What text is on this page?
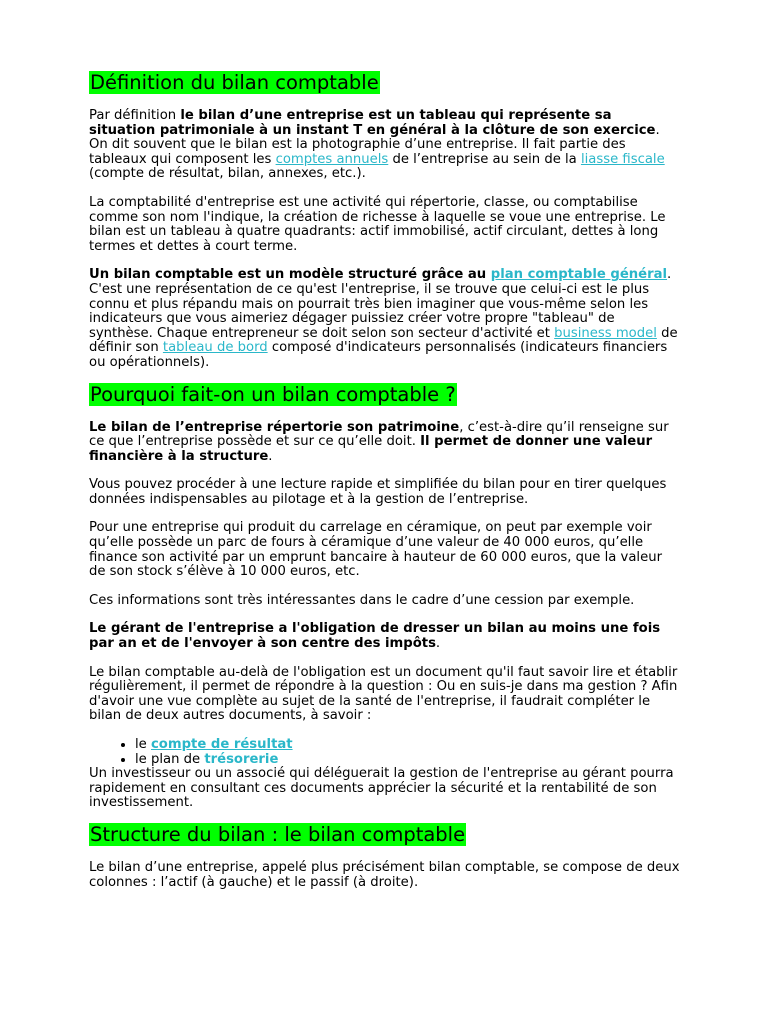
Définition du bilan comptable

Par définition le bilan d’une entreprise est un tableau qui représente sa situation patrimoniale à un instant T en général à la clôture de son exercice. On dit souvent que le bilan est la photographie d’une entreprise. Il fait partie des tableaux qui composent les comptes annuels de l’entreprise au sein de la liasse fiscale (compte de résultat, bilan, annexes, etc.).

La comptabilité d'entreprise est une activité qui répertorie, classe, ou comptabilise comme son nom l'indique, la création de richesse à laquelle se voue une entreprise. Le bilan est un tableau à quatre quadrants: actif immobilisé, actif circulant, dettes à long termes et dettes à court terme.

Un bilan comptable est un modèle structuré grâce au plan comptable général. C'est une représentation de ce qu'est l'entreprise, il se trouve que celui-ci est le plus connu et plus répandu mais on pourrait très bien imaginer que vous-même selon les indicateurs que vous aimeriez dégager puissiez créer votre propre "tableau" de synthèse. Chaque entrepreneur se doit selon son secteur d'activité et business model de définir son tableau de bord composé d'indicateurs personnalisés (indicateurs financiers ou opérationnels).

Pourquoi fait-on un bilan comptable ?

Le bilan de l’entreprise répertorie son patrimoine, c’est-à-dire qu’il renseigne sur ce que l’entreprise possède et sur ce qu’elle doit. Il permet de donner une valeur financière à la structure.

Vous pouvez procéder à une lecture rapide et simplifiée du bilan pour en tirer quelques données indispensables au pilotage et à la gestion de l’entreprise.

Pour une entreprise qui produit du carrelage en céramique, on peut par exemple voir qu’elle possède un parc de fours à céramique d’une valeur de 40 000 euros, qu’elle finance son activité par un emprunt bancaire à hauteur de 60 000 euros, que la valeur de son stock s’élève à 10 000 euros, etc.

Ces informations sont très intéressantes dans le cadre d’une cession par exemple.

Le gérant de l'entreprise a l'obligation de dresser un bilan au moins une fois par an et de l'envoyer à son centre des impôts.

Le bilan comptable au-delà de l'obligation est un document qu'il faut savoir lire et établir régulièrement, il permet de répondre à la question : Ou en suis-je dans ma gestion ? Afin d'avoir une vue complète au sujet de la santé de l'entreprise, il faudrait compléter le bilan de deux autres documents, à savoir :

• le compte de résultat
• le plan de trésorerie

Un investisseur ou un associé qui déléguerait la gestion de l'entreprise au gérant pourra rapidement en consultant ces documents apprécier la sécurité et la rentabilité de son investissement.

Structure du bilan : le bilan comptable

Le bilan d’une entreprise, appelé plus précisément bilan comptable, se compose de deux colonnes : l’actif (à gauche) et le passif (à droite).
